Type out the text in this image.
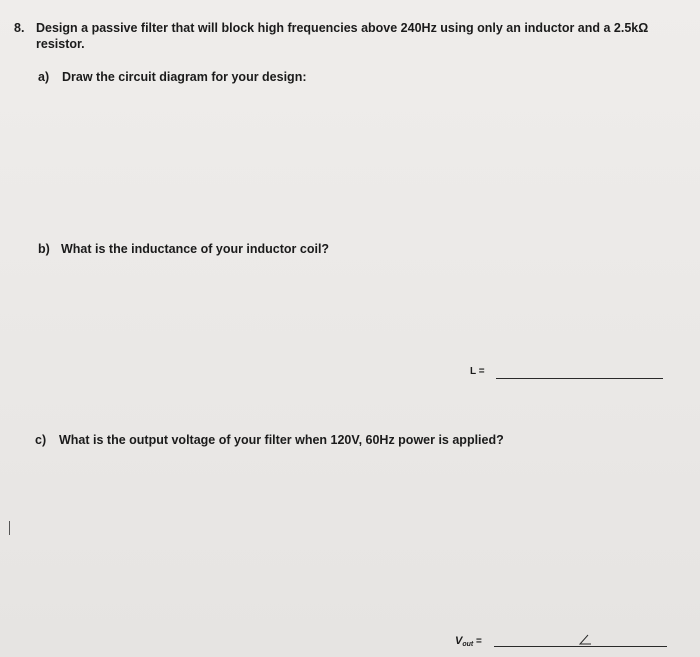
8. Design a passive filter that will block high frequencies above 240Hz using only an inductor and a 2.5kΩ
resistor.
a) Draw the circuit diagram for your design:
b) What is the inductance of your inductor coil?
L =
c) What is the output voltage of your filter when 120V, 60Hz power is applied?
$V_{out}$ =
